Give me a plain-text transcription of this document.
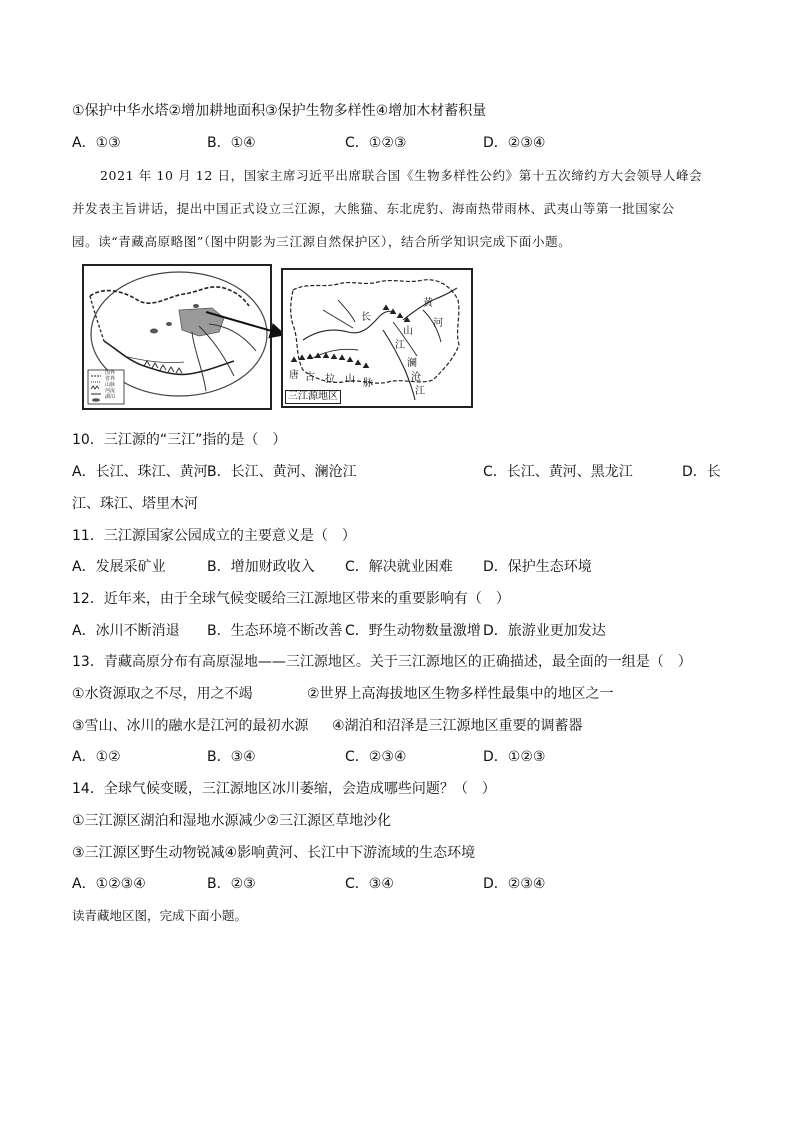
①保护中华水塔②增加耕地面积③保护生物多样性④增加木材蓄积量
A．①③	B．①④	C．①②③	D．②③④

2021 年 10 月 12 日，国家主席习近平出席联合国《生物多样性公约》第十五次缔约方大会领导人峰会

并发表主旨讲话，提出中国正式设立三江源，大熊猫、东北虎豹、海南热带雨林、武夷山等第一批国家公

园。读“青藏高原略图”（图中阴影为三江源自然保护区），结合所学知识完成下面小题。

国界
省界
山脉
河流
湖泊
长
黄
河
江
澜
沧
江
唐 古 拉 山 脉
山
三江源地区
10．三江源的“三江”指的是（　）
A．长江、珠江、黄河 B．长江、黄河、澜沧江	C．长江、黄河、黑龙江	D．长
江、珠江、塔里木河
11．三江源国家公园成立的主要意义是（　）
A．发展采矿业	B．增加财政收入 C．解决就业困难 D．保护生态环境
12．近年来，由于全球气候变暖给三江源地区带来的重要影响有（　）
A．冰川不断消退 B．生态环境不断改善 C．野生动物数量激增 D．旅游业更加发达
13．青藏高原分布有高原湿地——三江源地区。关于三江源地区的正确描述，最全面的一组是（　）
①水资源取之不尽，用之不竭	②世界上高海拔地区生物多样性最集中的地区之一
③雪山、冰川的融水是江河的最初水源 ④湖泊和沼泽是三江源地区重要的调蓄器
A．①②	B．③④	C．②③④	D．①②③
14．全球气候变暖，三江源地区冰川萎缩，会造成哪些问题？（　）
①三江源区湖泊和湿地水源减少②三江源区草地沙化
③三江源区野生动物锐减④影响黄河、长江中下游流域的生态环境
A．①②③④	B．②③	C．③④	D．②③④
读青藏地区图，完成下面小题。
